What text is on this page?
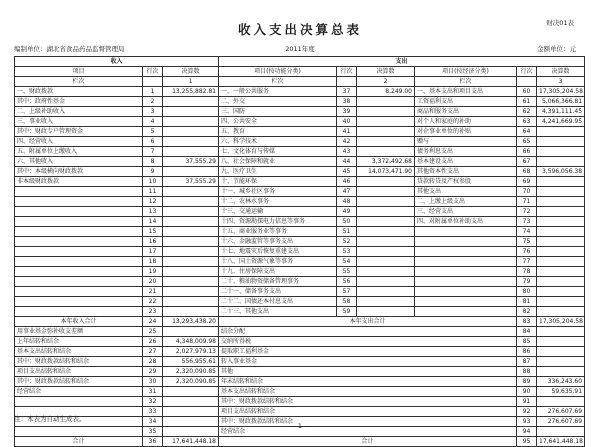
收入支出决算总表	财决01表
编制单位：湖北省食品药品监督管理局	2011年度	金额单位：元
收入			支出					
项目	行次	决算数	项目(按功能分类)	行次	决算数	项目(按经济分类)	行次	决算数
栏次		1	栏次		2	栏次		3
一、财政拨款	1	13,255,882.81	一、一般公共服务	37	8,249.00	一、基本支出和项目支出	60	17,305,204.58
其中：政府性基金	2		二、外交	38		工资福利支出	61	5,066,366.81
二、上级补助收入	3		三、国防	39		商品和服务支出	62	4,391,111.45
三、事业收入	4		四、公共安全	40		对个人和家庭的补助	63	4,241,669.95
其中：财政专户管理资金	5		五、教育	41		对企事业单位的补贴	64	
四、经营收入	6		六、科学技术	42		赠与	65	
五、附属单位上缴收入	7		七、文化体育与传媒	43		债务利息支出	66	
六、其他收入	8	37,555.29	八、社会保障和就业	44	3,372,492.68	基本建设支出	67	
其中：本级横向财政拨款	9		九、医疗卫生	45	14,073,471.90	其他资本性支出	68	3,596,056.38
非本级财政拨款	10	37,555.29	十、节能环保	46		贷款转贷及产权参股	69	
	11		十一、城乡社区事务	47		其他支出	70	
	12		十二、农林水事务	48		二、上缴上级支出	71	
	13		十三、交通运输	49		三、经营支出	72	
	14		十四、资源勘探电力信息等事务	50		四、对附属单位补助支出	73	
	15		十五、商业服务业等事务	51			74	
	16		十六、金融监管等事务支出	52			75	
	17		十七、地震灾后恢复重建支出	53			76	
	18		十八、国土资源气象等事务	54			77	
	19		十九、住房保障支出	55			78	
	20		二十、粮油物资储备管理事务	56			79	
	21		二十一、储备事务支出	57			80	
	22		二十二、国债还本付息支出	58			81	
	23		二十三、其他支出	59			82	
本年收入合计	24	13,293,438.20	本年支出合计				83	17,305,204.58
用事业基金弥补收支差额	25		结余分配				84	
上年结转和结余	26	4,348,009.98	交纳所得税				85	
基本支出结转和结余	27	2,027,979.13	提取职工福利基金				86	
其中：财政拨款结转和结余	28	556,955.61	转入事业基金				87	
项目支出结转和结余	29	2,320,090.85	其他				88	
其中：财政拨款结转和结余	30	2,320,090.85	年末结转和结余				89	336,243.60
经营结余	31		基本支出结转和结余				90	59,635.91
	32		其中：财政拨款结转和结余				91	
	33		项目支出结转和结余				92	276,607.69
	34		其中：财政拨款结转和结余				93	276,607.69
	35		经营结余				94	
合计	36	17,641,448.18	合计				95	17,641,448.18
注：本表为自动生成表。
— 1 —
